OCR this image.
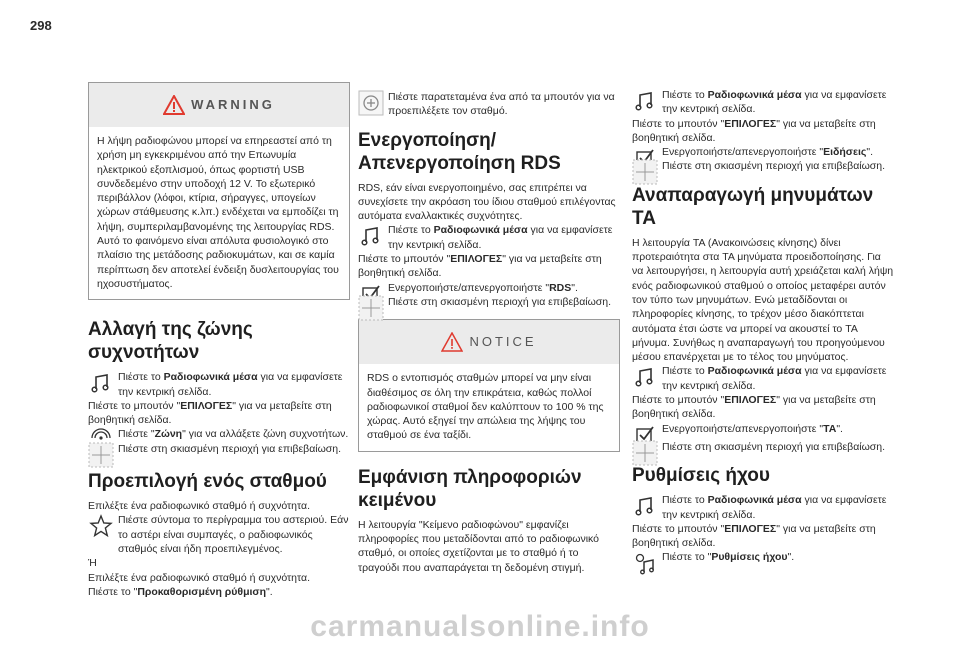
298
WARNING

Η λήψη ραδιοφώνου μπορεί να επηρεαστεί από τη χρήση μη εγκεκριμένου από την Επωνυμία ηλεκτρικού εξοπλισμού, όπως φορτιστή USB συνδεδεμένο στην υποδοχή 12 V. Το εξωτερικό περιβάλλον (λόφοι, κτίρια, σήραγγες, υπογείων χώρων στάθμευσης κ.λπ.) ενδέχεται να εμποδίζει τη λήψη, συμπεριλαμβανομένης της λειτουργίας RDS. Αυτό το φαινόμενο είναι απόλυτα φυσιολογικό στο πλαίσιο της μετάδοσης ραδιοκυμάτων, και σε καμία περίπτωση δεν αποτελεί ένδειξη δυσλειτουργίας του ηχοσυστήματος.

Αλλαγή της ζώνης συχνοτήτων

Πιέστε το Ραδιοφωνικά μέσα για να εμφανίσετε την κεντρική σελίδα.

Πιέστε το μπουτόν "ΕΠΙΛΟΓΕΣ" για να μεταβείτε στη βοηθητική σελίδα.

Πιέστε "Ζώνη" για να αλλάξετε ζώνη συχνοτήτων.

Πιέστε στη σκιασμένη περιοχή για επιβεβαίωση.

Προεπιλογή ενός σταθμού

Επιλέξτε ένα ραδιοφωνικό σταθμό ή συχνότητα.

Πιέστε σύντομα το περίγραμμα του αστεριού. Εάν το αστέρι είναι συμπαγές, ο ραδιοφωνικός σταθμός είναι ήδη προεπιλεγμένος.

Ή

Επιλέξτε ένα ραδιοφωνικό σταθμό ή συχνότητα.

Πιέστε το "Προκαθορισμένη ρύθμιση".

Πιέστε παρατεταμένα ένα από τα μπουτόν για να προεπιλέξετε τον σταθμό.

Ενεργοποίηση/

Απενεργοποίηση RDS

RDS, εάν είναι ενεργοποιημένο, σας επιτρέπει να συνεχίσετε την ακρόαση του ίδιου σταθμού επιλέγοντας αυτόματα εναλλακτικές συχνότητες.

Πιέστε το Ραδιοφωνικά μέσα για να εμφανίσετε την κεντρική σελίδα.

Πιέστε το μπουτόν "ΕΠΙΛΟΓΕΣ" για να μεταβείτε στη βοηθητική σελίδα.

Ενεργοποιήστε/απενεργοποιήστε "RDS".

Πιέστε στη σκιασμένη περιοχή για επιβεβαίωση.

NOTICE

RDS ο εντοπισμός σταθμών μπορεί να μην είναι διαθέσιμος σε όλη την επικράτεια, καθώς πολλοί ραδιοφωνικοί σταθμοί δεν καλύπτουν το 100 % της χώρας. Αυτό εξηγεί την απώλεια της λήψης του σταθμού σε ένα ταξίδι.

Εμφάνιση πληροφοριών

κειμένου

Η λειτουργία "Κείμενο ραδιοφώνου" εμφανίζει πληροφορίες που μεταδίδονται από το ραδιοφωνικό σταθμό, οι οποίες σχετίζονται με το σταθμό ή το τραγούδι που αναπαράγεται τη δεδομένη στιγμή.

Πιέστε το Ραδιοφωνικά μέσα για να εμφανίσετε την κεντρική σελίδα.

Πιέστε το μπουτόν "ΕΠΙΛΟΓΕΣ" για να μεταβείτε στη βοηθητική σελίδα.

Ενεργοποιήστε/απενεργοποιήστε "Ειδήσεις".

Πιέστε στη σκιασμένη περιοχή για επιβεβαίωση.

Αναπαραγωγή μηνυμάτων TA

Η λειτουργία TA (Ανακοινώσεις κίνησης) δίνει προτεραιότητα στα TA μηνύματα προειδοποίησης. Για να λειτουργήσει, η λειτουργία αυτή χρειάζεται καλή λήψη ενός ραδιοφωνικού σταθμού ο οποίος μεταφέρει αυτόν τον τύπο των μηνυμάτων. Ενώ μεταδίδονται οι πληροφορίες κίνησης, το τρέχον μέσο διακόπτεται αυτόματα έτσι ώστε να μπορεί να ακουστεί το TA μήνυμα. Συνήθως η αναπαραγωγή του προηγούμενου μέσου επανέρχεται με το τέλος του μηνύματος.

Πιέστε το Ραδιοφωνικά μέσα για να εμφανίσετε την κεντρική σελίδα.

Πιέστε το μπουτόν "ΕΠΙΛΟΓΕΣ" για να μεταβείτε στη βοηθητική σελίδα.

Ενεργοποιήστε/απενεργοποιήστε "TA".

Πιέστε στη σκιασμένη περιοχή για επιβεβαίωση.

Ρυθμίσεις ήχου

Πιέστε το Ραδιοφωνικά μέσα για να εμφανίσετε την κεντρική σελίδα.

Πιέστε το μπουτόν "ΕΠΙΛΟΓΕΣ" για να μεταβείτε στη βοηθητική σελίδα.

Πιέστε το "Ρυθμίσεις ήχου".

carmanualsonline.info
